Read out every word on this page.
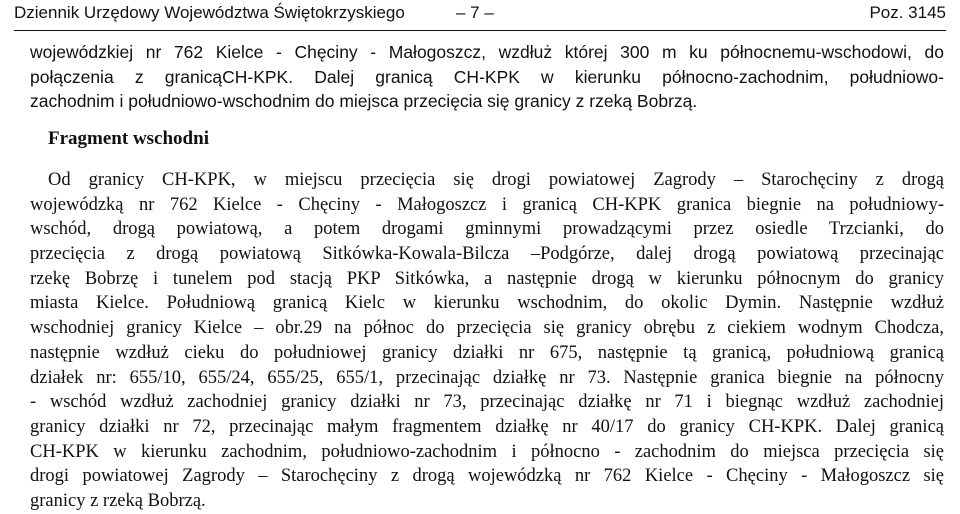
Dziennik Urzędowy Województwa Świętokrzyskiego	– 7 –	Poz. 3145
wojewódzkiej nr 762 Kielce - Chęciny - Małogoszcz, wzdłuż której 300 m ku północnemu-wschodowi, do
połączenia z granicąCH-KPK. Dalej granicą CH-KPK w kierunku północno-zachodnim, południowo-
zachodnim i południowo-wschodnim do miejsca przecięcia się granicy z rzeką Bobrzą.
Fragment wschodni
Od granicy CH-KPK, w miejscu przecięcia się drogi powiatowej Zagrody – Starochęciny z drogą
wojewódzką nr 762 Kielce - Chęciny - Małogoszcz i granicą CH-KPK granica biegnie na południowy-
wschód, drogą powiatową, a potem drogami gminnymi prowadzącymi przez osiedle Trzcianki, do
przecięcia z drogą powiatową Sitkówka-Kowala-Bilcza –Podgórze, dalej drogą powiatową przecinając
rzekę Bobrzę i tunelem pod stacją PKP Sitkówka, a następnie drogą w kierunku północnym do granicy
miasta Kielce. Południową granicą Kielc w kierunku wschodnim, do okolic Dymin. Następnie wzdłuż
wschodniej granicy Kielce – obr.29 na północ do przecięcia się granicy obrębu z ciekiem wodnym Chodcza,
następnie wzdłuż cieku do południowej granicy działki nr 675, następnie tą granicą, południową granicą
działek nr: 655/10, 655/24, 655/25, 655/1, przecinając działkę nr 73. Następnie granica biegnie na północny
- wschód wzdłuż zachodniej granicy działki nr 73, przecinając działkę nr 71 i biegnąc wzdłuż zachodniej
granicy działki nr 72, przecinając małym fragmentem działkę nr 40/17 do granicy CH-KPK. Dalej granicą
CH-KPK w kierunku zachodnim, południowo-zachodnim i północno - zachodnim do miejsca przecięcia się
drogi powiatowej Zagrody – Starochęciny z drogą wojewódzką nr 762 Kielce - Chęciny - Małogoszcz się
granicy z rzeką Bobrzą.
